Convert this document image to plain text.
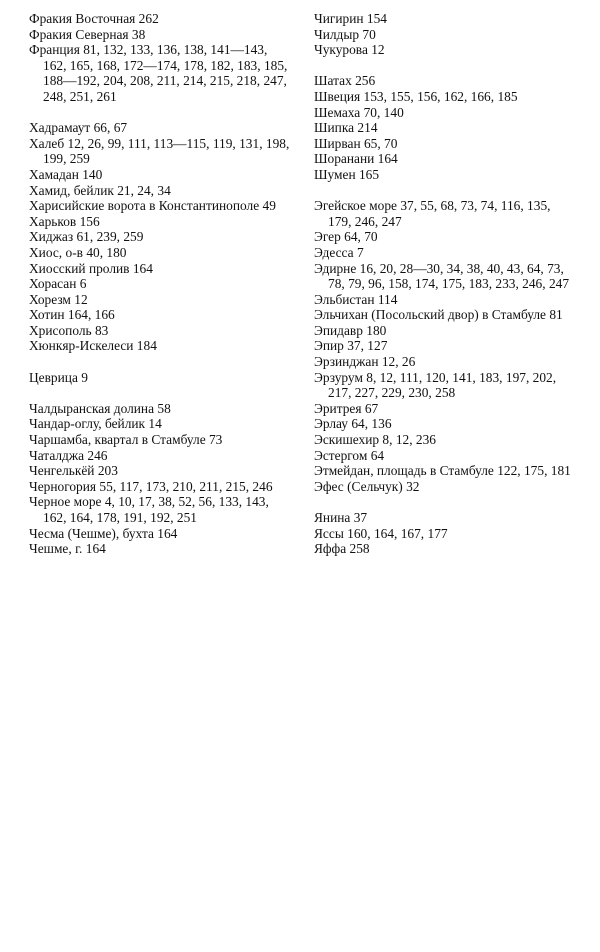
Фракия Восточная 262

Фракия Северная 38

Франция 81, 132, 133, 136, 138, 141—143, 162, 165, 168, 172—174, 178, 182, 183, 185, 188—192, 204, 208, 211, 214, 215, 218, 247, 248, 251, 261

Хадрамаут 66, 67

Халеб 12, 26, 99, 111, 113—115, 119, 131, 198, 199, 259

Хамадан 140

Хамид, бейлик 21, 24, 34

Харисийские ворота в Константинополе 49

Харьков 156

Хиджаз 61, 239, 259

Хиос, о-в 40, 180

Хиосский пролив 164

Хорасан 6

Хорезм 12

Хотин 164, 166

Хрисополь 83

Хюнкяр-Искелеси 184

Цеврица 9

Чалдыранская долина 58

Чандар-оглу, бейлик 14

Чаршамба, квартал в Стамбуле 73

Чаталджа 246

Ченгелькёй 203

Черногория 55, 117, 173, 210, 211, 215, 246

Черное море 4, 10, 17, 38, 52, 56, 133, 143, 162, 164, 178, 191, 192, 251

Чесма (Чешме), бухта 164

Чешме, г. 164

Чигирин 154

Чилдыр 70

Чукурова 12

Шатах 256

Швеция 153, 155, 156, 162, 166, 185

Шемаха 70, 140

Шипка 214

Ширван 65, 70

Шоранани 164

Шумен 165

Эгейское море 37, 55, 68, 73, 74, 116, 135, 179, 246, 247

Эгер 64, 70

Эдесса 7

Эдирне 16, 20, 28—30, 34, 38, 40, 43, 64, 73, 78, 79, 96, 158, 174, 175, 183, 233, 246, 247

Эльбистан 114

Эльчихан (Посольский двор) в Стамбуле 81

Эпидавр 180

Эпир 37, 127

Эрзинджан 12, 26

Эрзурум 8, 12, 111, 120, 141, 183, 197, 202, 217, 227, 229, 230, 258

Эритрея 67

Эрлау 64, 136

Эскишехир 8, 12, 236

Эстергом 64

Этмейдан, площадь в Стамбуле 122, 175, 181

Эфес (Сельчук) 32

Янина 37

Яссы 160, 164, 167, 177

Яффа 258
